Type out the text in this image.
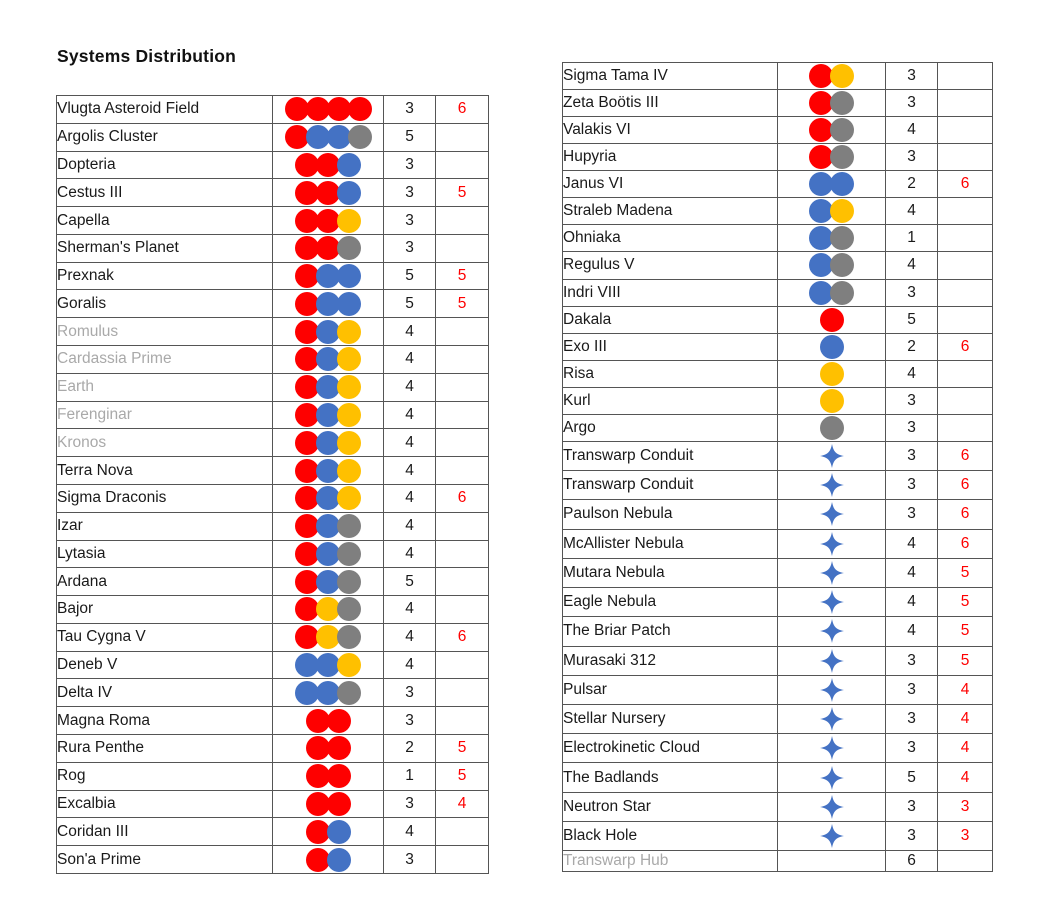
Systems Distribution
Vlugta Asteroid Field		3	6
Argolis Cluster		5	
Dopteria		3	
Cestus III		3	5
Capella		3	
Sherman's Planet		3	
Prexnak		5	5
Goralis		5	5
Romulus		4	
Cardassia Prime		4	
Earth		4	
Ferenginar		4	
Kronos		4	
Terra Nova		4	
Sigma Draconis		4	6
Izar		4	
Lytasia		4	
Ardana		5	
Bajor		4	
Tau Cygna V		4	6
Deneb V		4	
Delta IV		3	
Magna Roma		3	
Rura Penthe		2	5
Rog		1	5
Excalbia		3	4
Coridan III		4	
Son'a Prime		3	
Sigma Tama IV		3	
Zeta Boötis III		3	
Valakis VI		4	
Hupyria		3	
Janus VI		2	6
Straleb Madena		4	
Ohniaka		1	
Regulus V		4	
Indri VIII		3	
Dakala		5	
Exo III		2	6
Risa		4	
Kurl		3	
Argo		3	
Transwarp Conduit		3	6
Transwarp Conduit		3	6
Paulson Nebula		3	6
McAllister Nebula		4	6
Mutara Nebula		4	5
Eagle Nebula		4	5
The Briar Patch		4	5
Murasaki 312		3	5
Pulsar		3	4
Stellar Nursery		3	4
Electrokinetic Cloud		3	4
The Badlands		5	4
Neutron Star		3	3
Black Hole		3	3
Transwarp Hub		6	
